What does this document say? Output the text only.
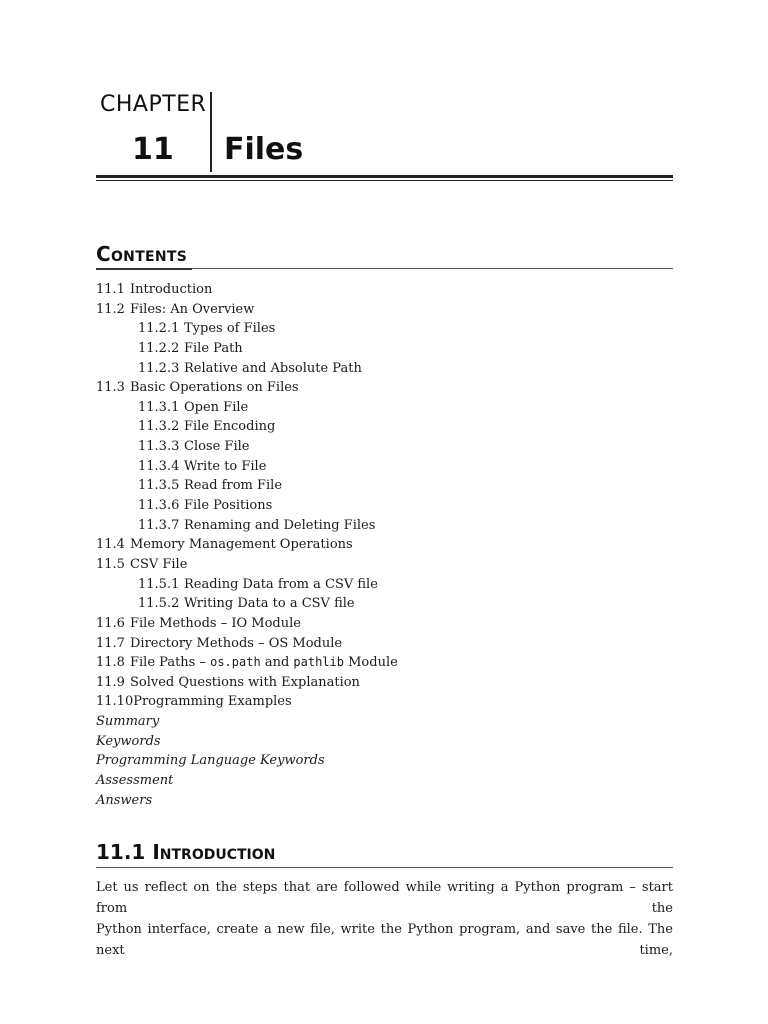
CHAPTER
11 Files
Contents
11.1 Introduction
11.2 Files: An Overview
11.2.1 Types of Files
11.2.2 File Path
11.2.3 Relative and Absolute Path
11.3 Basic Operations on Files
11.3.1 Open File
11.3.2 File Encoding
11.3.3 Close File
11.3.4 Write to File
11.3.5 Read from File
11.3.6 File Positions
11.3.7 Renaming and Deleting Files
11.4 Memory Management Operations
11.5 CSV File
11.5.1 Reading Data from a CSV file
11.5.2 Writing Data to a CSV file
11.6 File Methods – IO Module
11.7 Directory Methods – OS Module
11.8 File Paths – os.path and pathlib Module
11.9 Solved Questions with Explanation
11.10Programming Examples
Summary
Keywords
Programming Language Keywords
Assessment
Answers
11.1 Introduction
Let us reflect on the steps that are followed while writing a Python program – start from the
Python interface, create a new file, write the Python program, and save the file. The next time,
